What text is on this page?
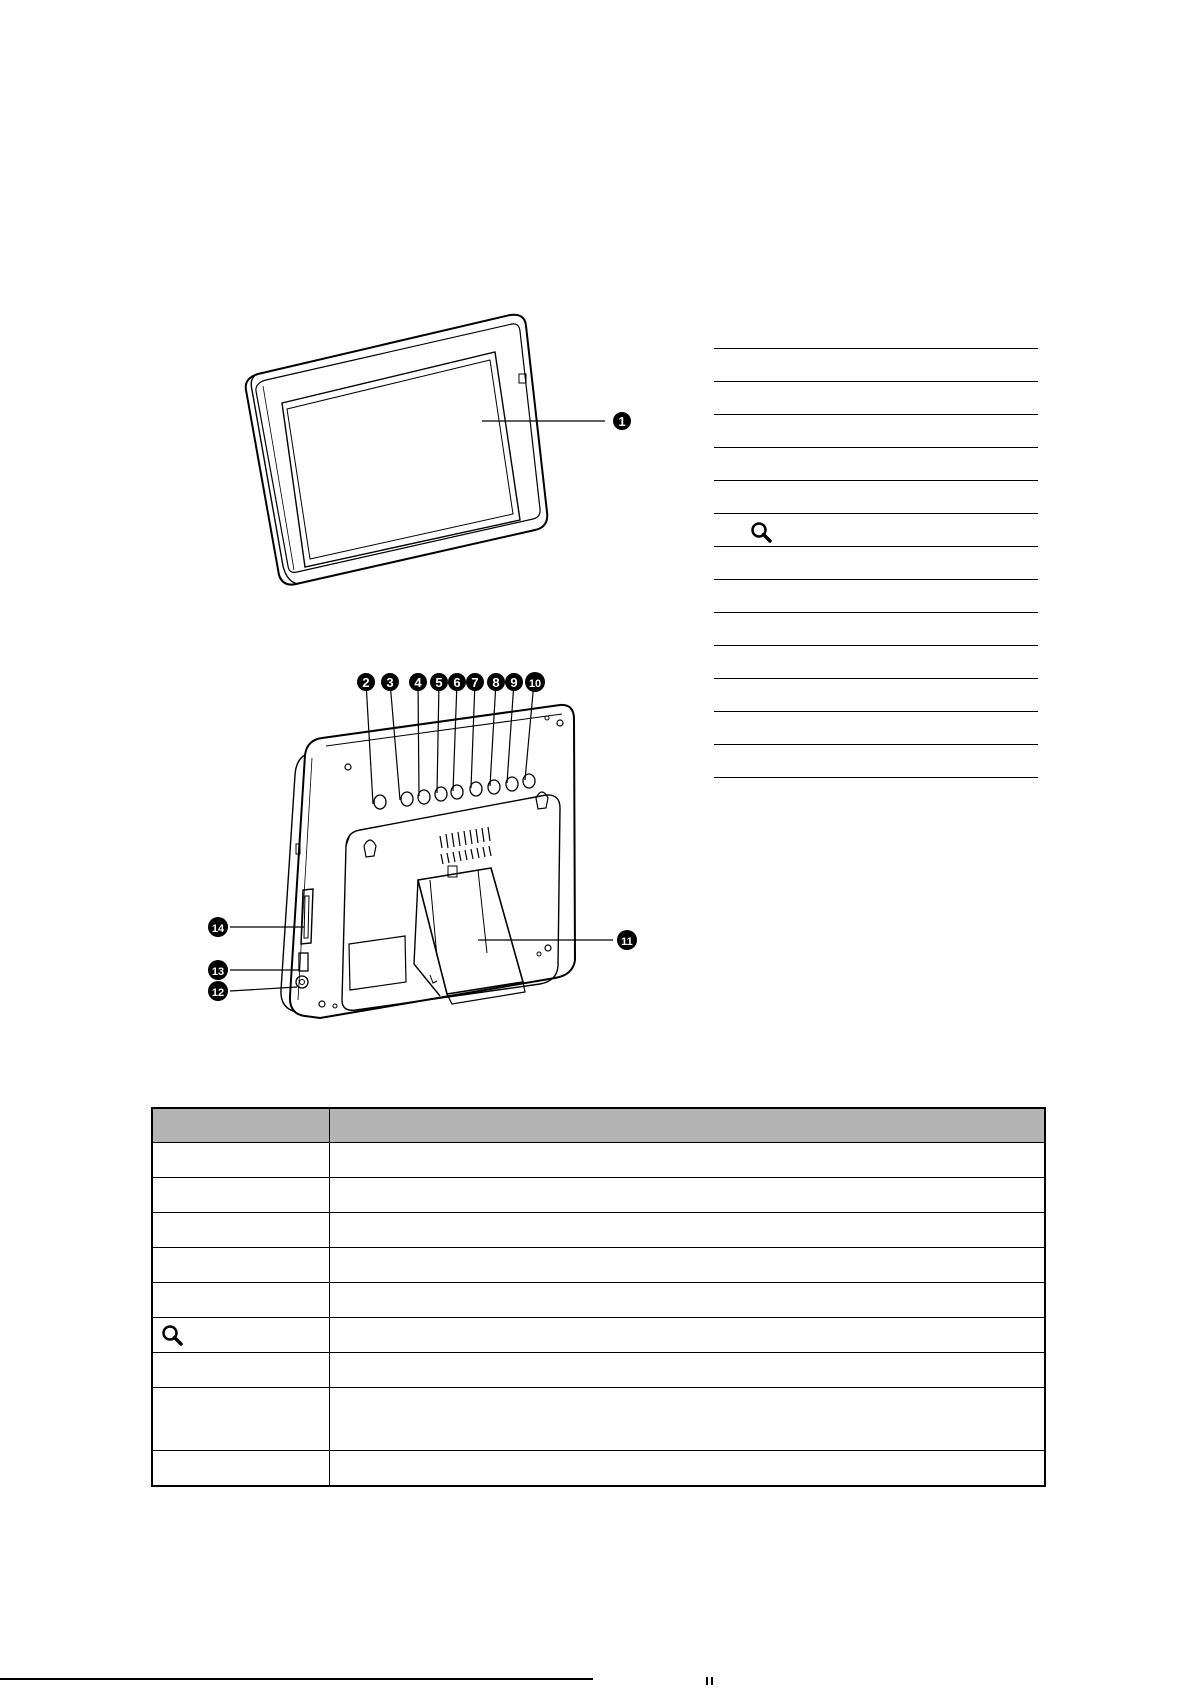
1
2 3 4 5 6 7 8 9 10
11
12
13
14
